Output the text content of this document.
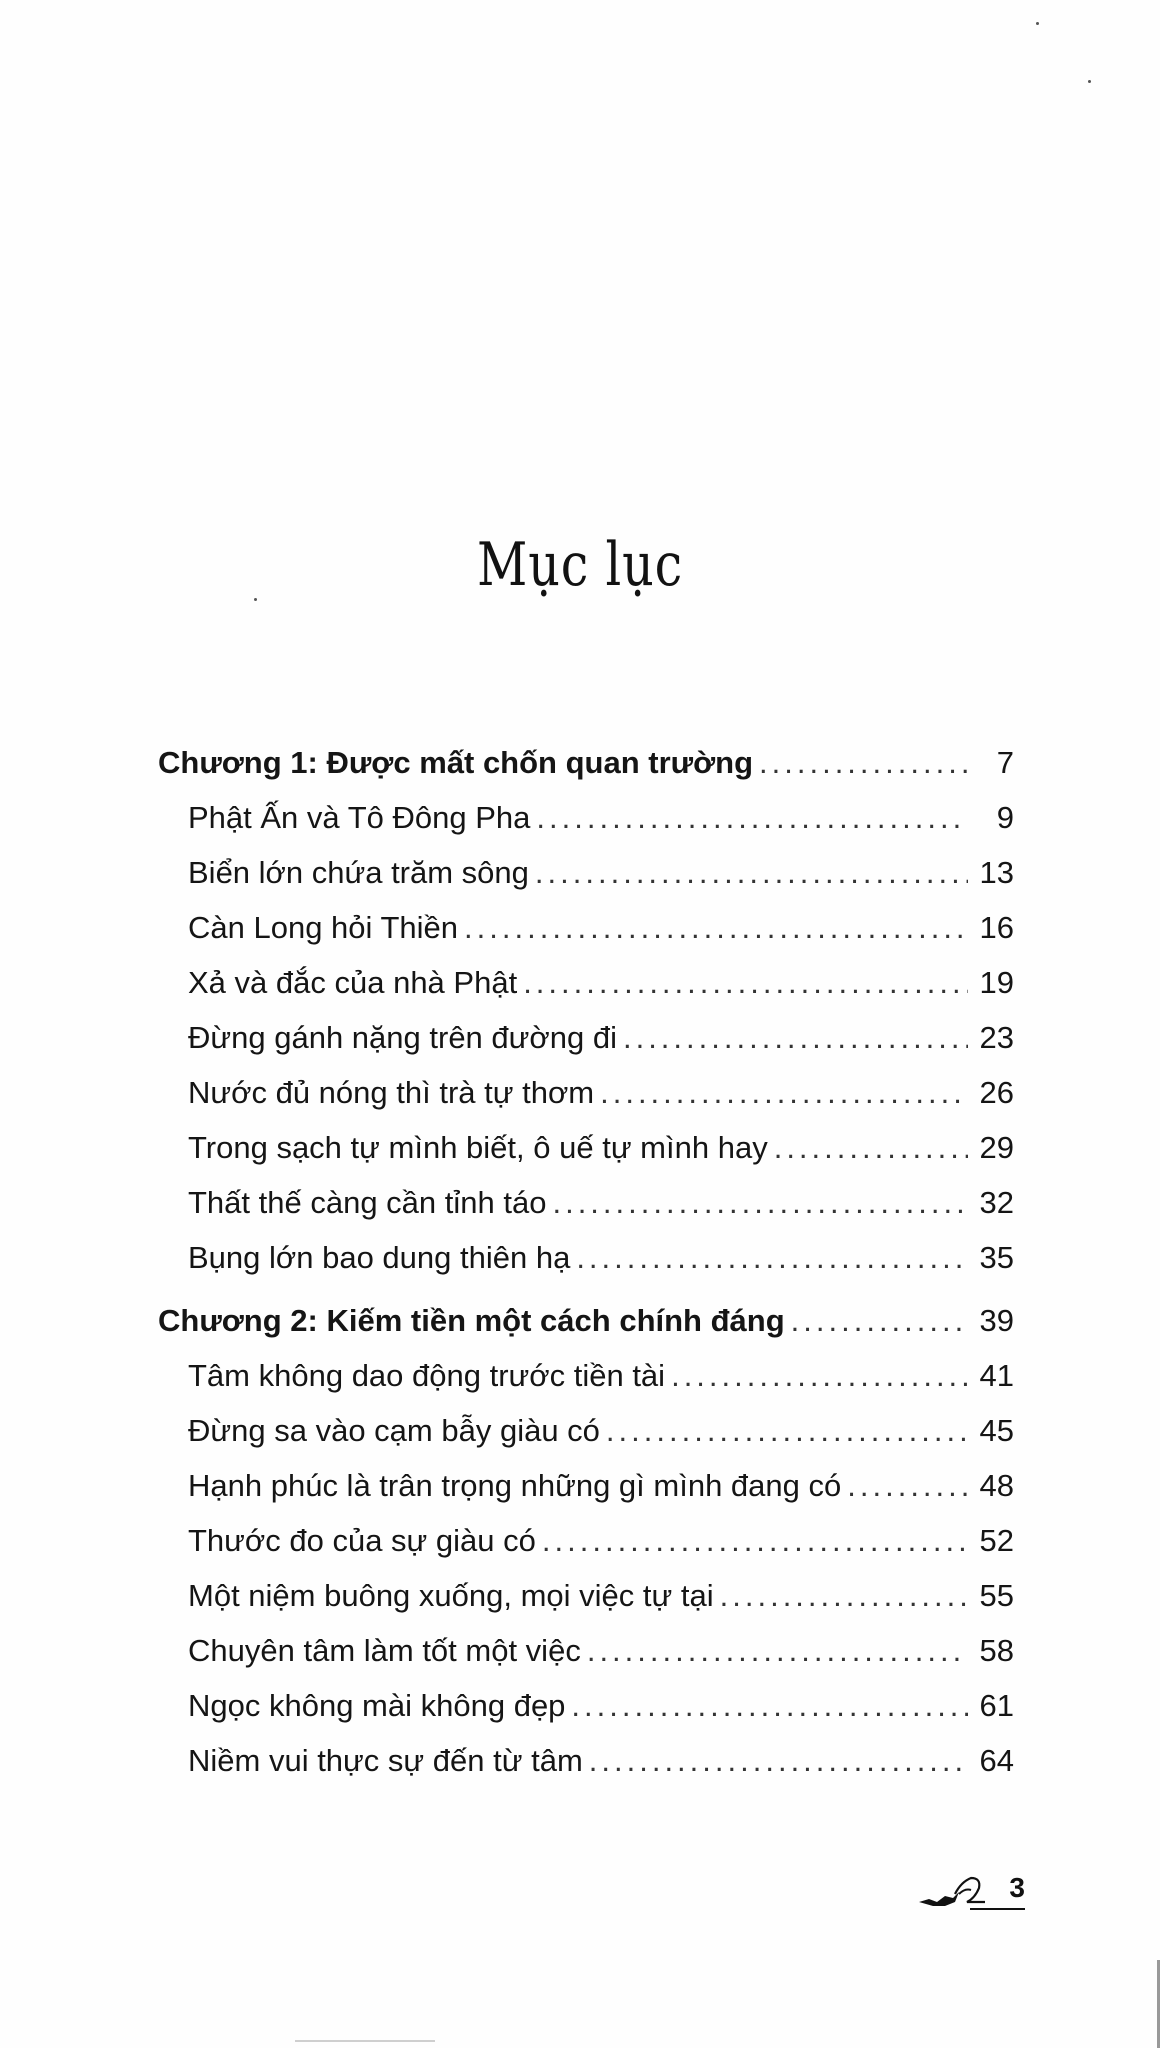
Mục lục
Chương 1: Được mất chốn quan trường .....	7
Phật Ấn và Tô Đông Pha .....	9
Biển lớn chứa trăm sông .....	13
Càn Long hỏi Thiền .....	16
Xả và đắc của nhà Phật .....	19
Đừng gánh nặng trên đường đi .....	23
Nước đủ nóng thì trà tự thơm .....	26
Trong sạch tự mình biết, ô uế tự mình hay .....	29
Thất thế càng cần tỉnh táo .....	32
Bụng lớn bao dung thiên hạ .....	35
Chương 2: Kiếm tiền một cách chính đáng .....	39
Tâm không dao động trước tiền tài .....	41
Đừng sa vào cạm bẫy giàu có .....	45
Hạnh phúc là trân trọng những gì mình đang có .....	48
Thước đo của sự giàu có .....	52
Một niệm buông xuống, mọi việc tự tại .....	55
Chuyên tâm làm tốt một việc .....	58
Ngọc không mài không đẹp .....	61
Niềm vui thực sự đến từ tâm .....	64
3
